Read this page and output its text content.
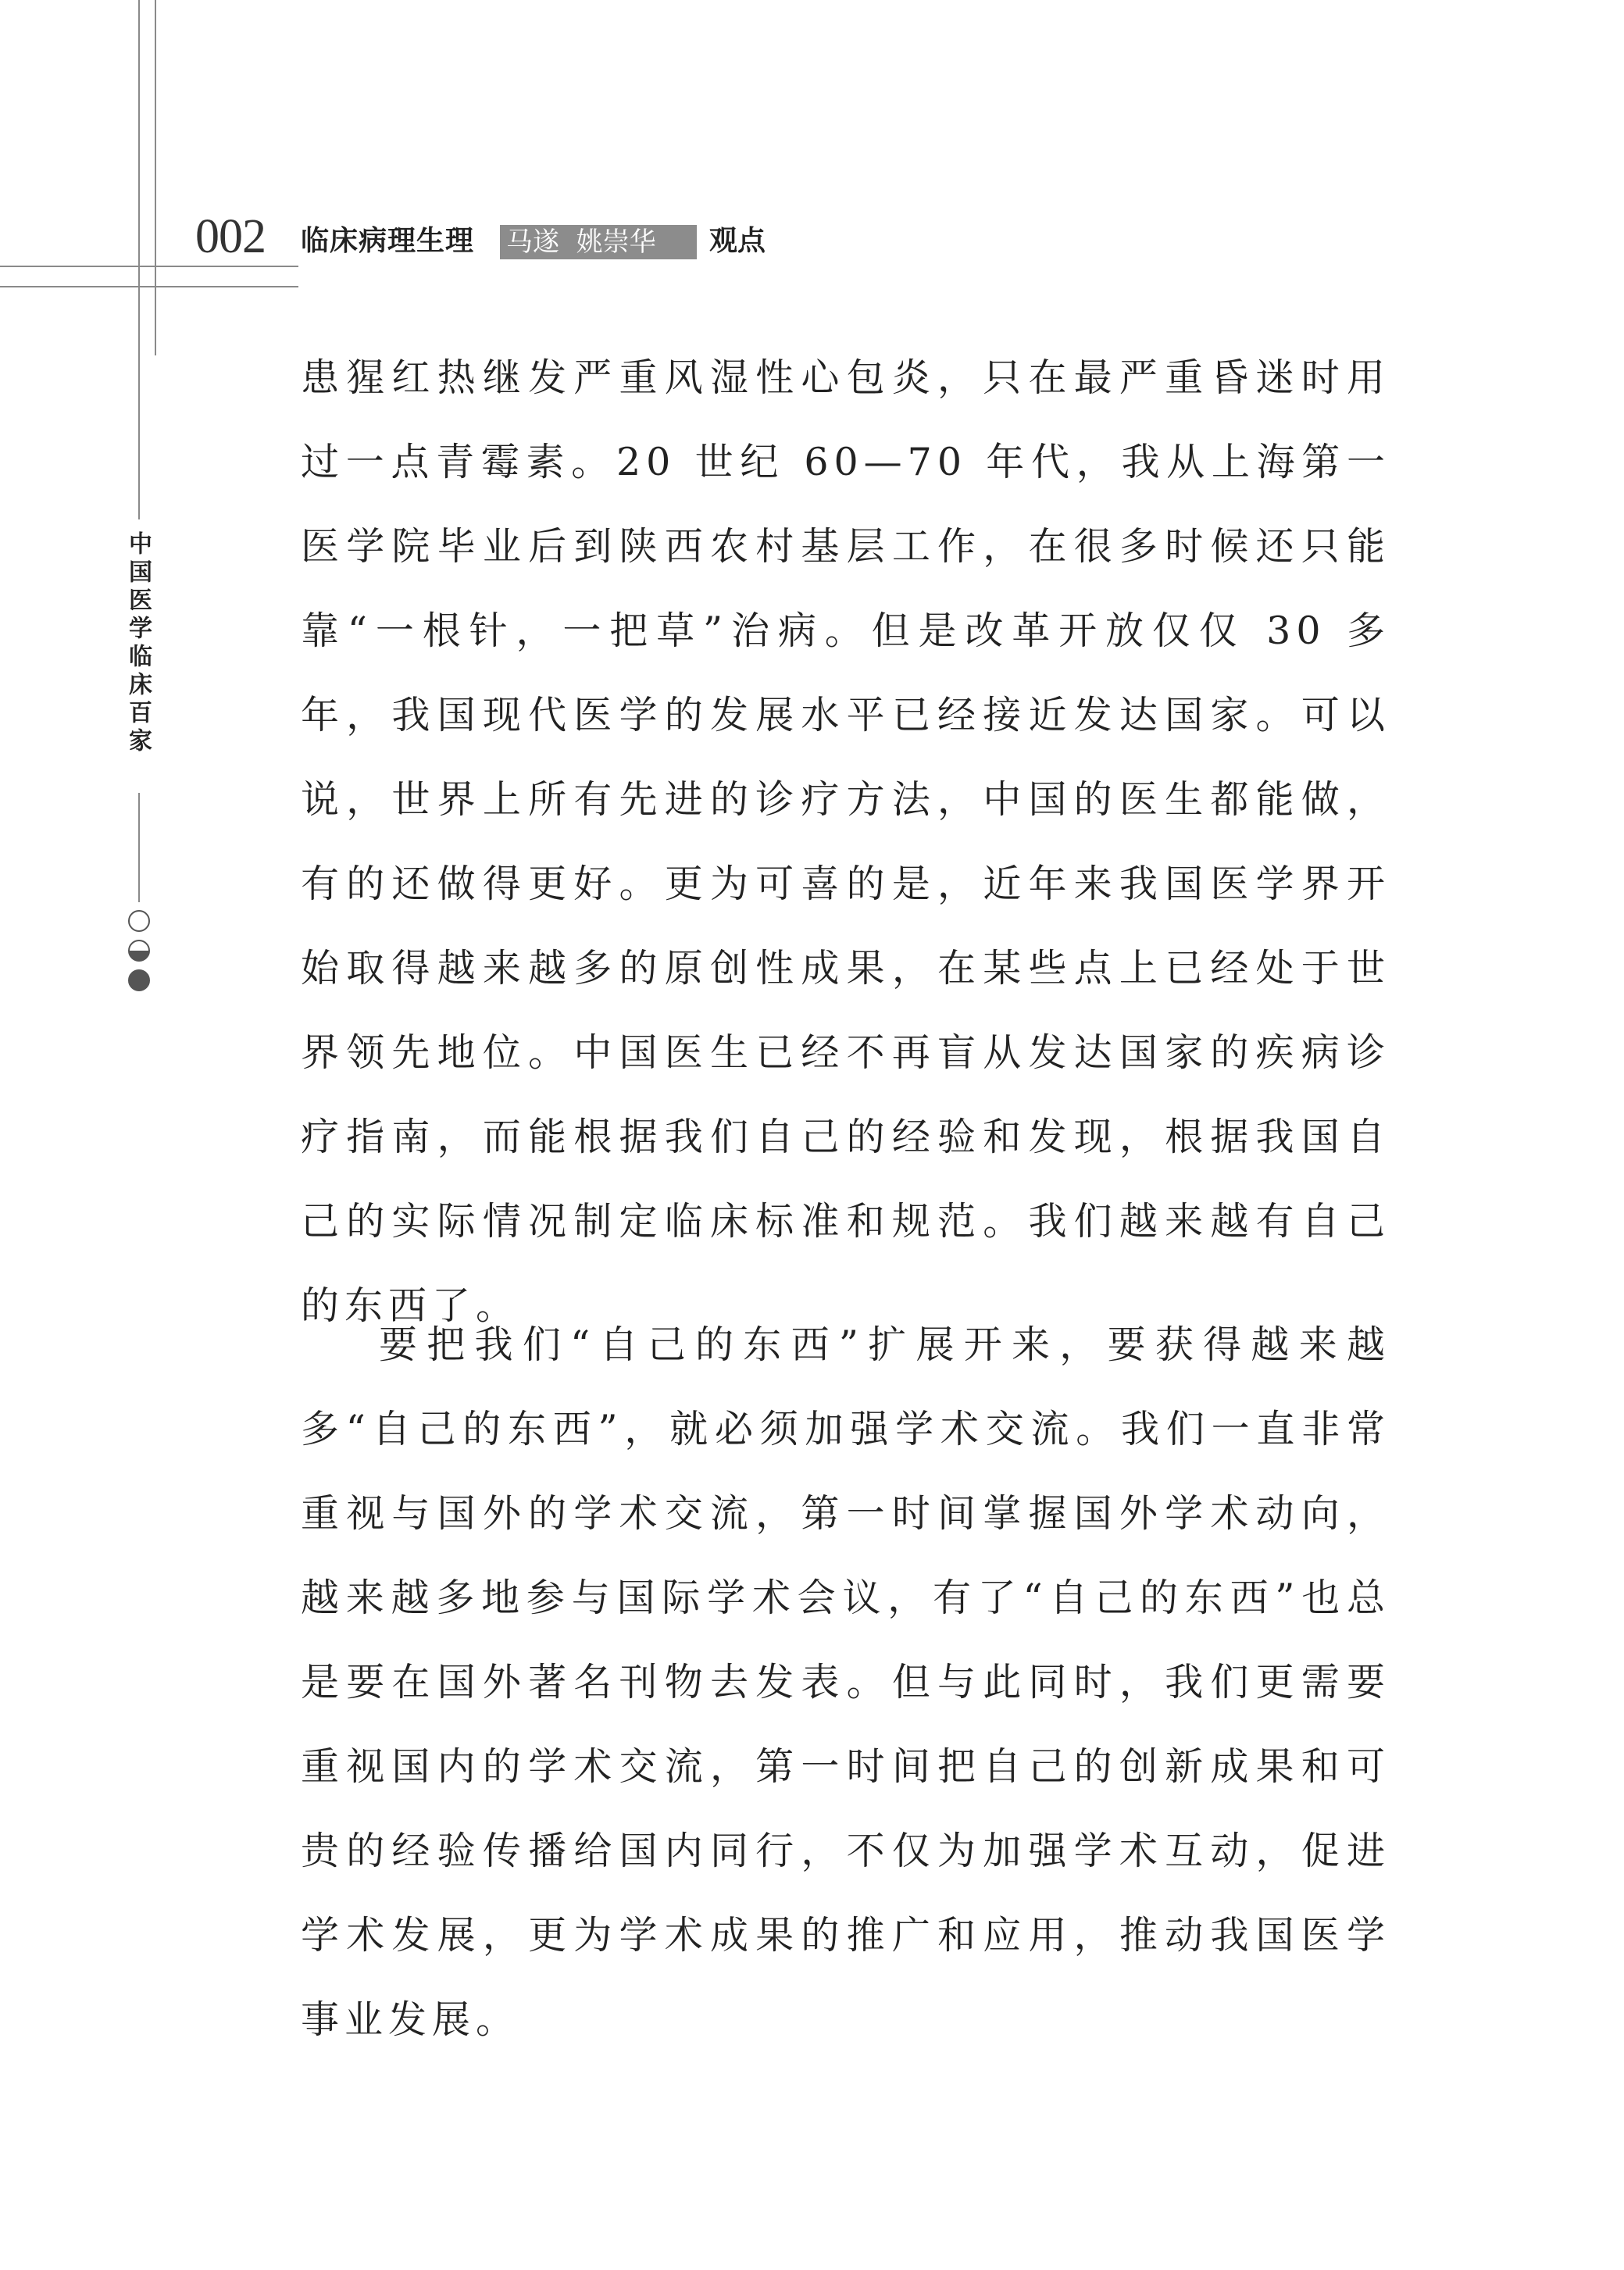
002 临床病理生理 马遂  姚崇华	观点
中国医学临床百家

患猩红热继发严重风湿性心包炎，只在最严重昏迷时用过一点青霉素。20 世纪 60—70 年代，我从上海第一医学院毕业后到陕西农村基层工作，在很多时候还只能靠“一根针，一把草”治病。但是改革开放仅仅 30 多年，我国现代医学的发展水平已经接近发达国家。可以说，世界上所有先进的诊疗方法，中国的医生都能做，有的还做得更好。更为可喜的是，近年来我国医学界开始取得越来越多的原创性成果，在某些点上已经处于世界领先地位。中国医生已经不再盲从发达国家的疾病诊疗指南，而能根据我们自己的经验和发现，根据我国自己的实际情况制定临床标准和规范。我们越来越有自己的东西了。

要把我们“自己的东西”扩展开来，要获得越来越多“自己的东西”，就必须加强学术交流。我们一直非常重视与国外的学术交流，第一时间掌握国外学术动向，越来越多地参与国际学术会议，有了“自己的东西”也总是要在国外著名刊物去发表。但与此同时，我们更需要重视国内的学术交流，第一时间把自己的创新成果和可贵的经验传播给国内同行，不仅为加强学术互动，促进学术发展，更为学术成果的推广和应用，推动我国医学事业发展。
